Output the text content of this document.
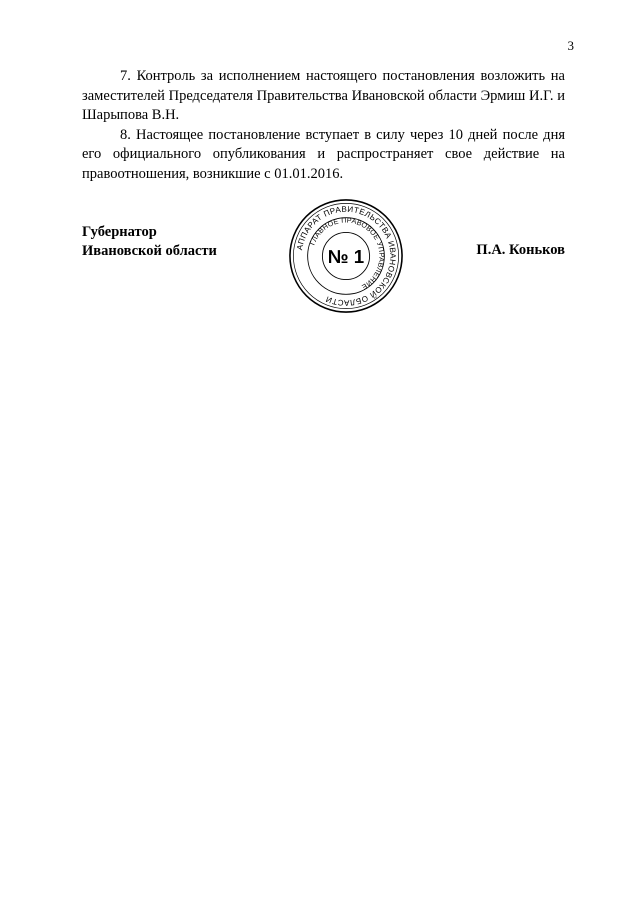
3

7. Контроль за исполнением настоящего постановления возложить на заместителей Председателя Правительства Ивановской области Эрмиш И.Г. и Шарыпова В.Н.

8. Настоящее постановление вступает в силу через 10 дней после дня его официального опубликования и распространяет свое действие на правоотношения, возникшие с 01.01.2016.

Губернатор
Ивановской области	АППАРАТ ПРАВИТЕЛЬСТВА ИВАНОВСКОЙ ОБЛАСТИ
ГЛАВНОЕ ПРАВОВОЕ УПРАВЛЕНИЕ
№ 1	П.А. Коньков
